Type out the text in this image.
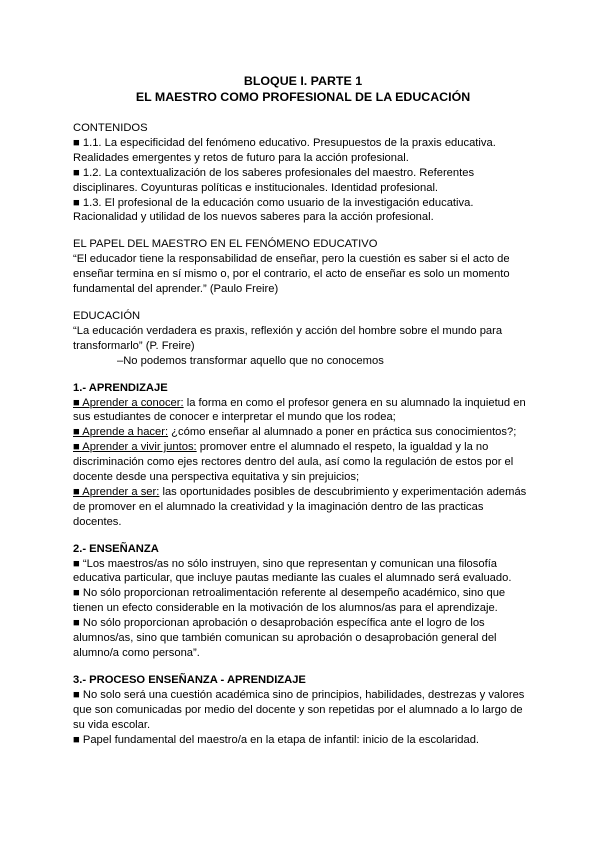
BLOQUE I. PARTE 1
EL MAESTRO COMO PROFESIONAL DE LA EDUCACIÓN

CONTENIDOS

■ 1.1. La especificidad del fenómeno educativo. Presupuestos de la praxis educativa. Realidades emergentes y retos de futuro para la acción profesional.

■ 1.2. La contextualización de los saberes profesionales del maestro. Referentes disciplinares. Coyunturas políticas e institucionales. Identidad profesional.

■ 1.3. El profesional de la educación como usuario de la investigación educativa. Racionalidad y utilidad de los nuevos saberes para la acción profesional.

EL PAPEL DEL MAESTRO EN EL FENÓMENO EDUCATIVO

“El educador tiene la responsabilidad de enseñar, pero la cuestión es saber si el acto de enseñar termina en sí mismo o, por el contrario, el acto de enseñar es solo un momento fundamental del aprender.” (Paulo Freire)

EDUCACIÓN

“La educación verdadera es praxis, reflexión y acción del hombre sobre el mundo para transformarlo” (P. Freire)

–No podemos transformar aquello que no conocemos

1.- APRENDIZAJE

■ Aprender a conocer: la forma en como el profesor genera en su alumnado la inquietud en sus estudiantes de conocer e interpretar el mundo que los rodea;

■ Aprende a hacer: ¿cómo enseñar al alumnado a poner en práctica sus conocimientos?;

■ Aprender a vivir juntos: promover entre el alumnado el respeto, la igualdad y la no discriminación como ejes rectores dentro del aula, así como la regulación de estos por el docente desde una perspectiva equitativa y sin prejuicios;

■ Aprender a ser: las oportunidades posibles de descubrimiento y experimentación además de promover en el alumnado la creatividad y la imaginación dentro de las practicas docentes.

2.- ENSEÑANZA

■ “Los maestros/as no sólo instruyen, sino que representan y comunican una filosofía educativa particular, que incluye pautas mediante las cuales el alumnado será evaluado.

■ No sólo proporcionan retroalimentación referente al desempeño académico, sino que tienen un efecto considerable en la motivación de los alumnos/as para el aprendizaje.

■ No sólo proporcionan aprobación o desaprobación específica ante el logro de los alumnos/as, sino que también comunican su aprobación o desaprobación general del alumno/a como persona”.

3.- PROCESO ENSEÑANZA - APRENDIZAJE

■ No solo será una cuestión académica sino de principios, habilidades, destrezas y valores que son comunicadas por medio del docente y son repetidas por el alumnado a lo largo de su vida escolar.

■ Papel fundamental del maestro/a en la etapa de infantil: inicio de la escolaridad.
